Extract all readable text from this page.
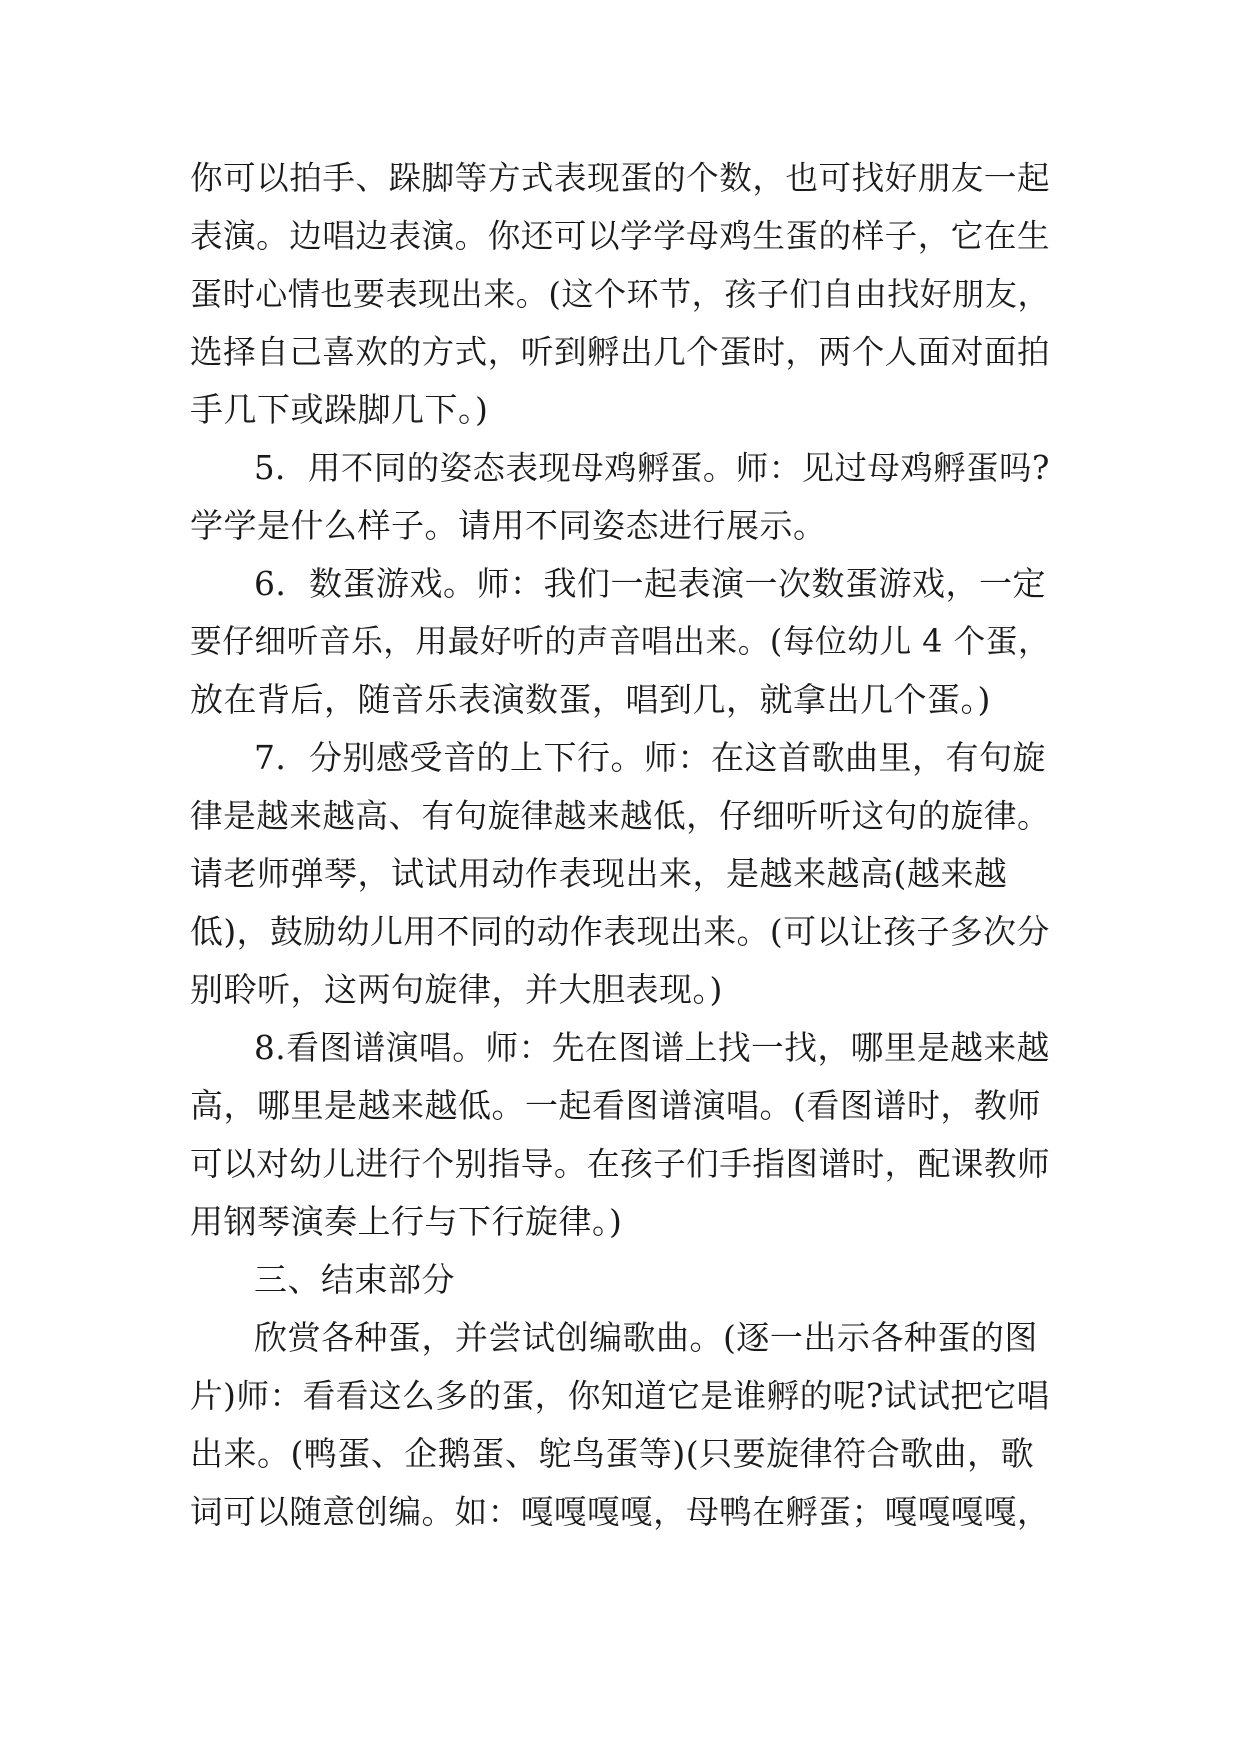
你可以拍手、跺脚等方式表现蛋的个数，也可找好朋友一起
表演。边唱边表演。你还可以学学母鸡生蛋的样子，它在生
蛋时心情也要表现出来。(这个环节，孩子们自由找好朋友，
选择自己喜欢的方式，听到孵出几个蛋时，两个人面对面拍
手几下或跺脚几下。)
5．用不同的姿态表现母鸡孵蛋。师：见过母鸡孵蛋吗?
学学是什么样子。请用不同姿态进行展示。
6．数蛋游戏。师：我们一起表演一次数蛋游戏，一定
要仔细听音乐，用最好听的声音唱出来。(每位幼儿 4 个蛋，
放在背后，随音乐表演数蛋，唱到几，就拿出几个蛋。)
7．分别感受音的上下行。师：在这首歌曲里，有句旋
律是越来越高、有句旋律越来越低，仔细听听这句的旋律。
请老师弹琴，试试用动作表现出来，是越来越高(越来越
低)，鼓励幼儿用不同的动作表现出来。(可以让孩子多次分
别聆听，这两句旋律，并大胆表现。)
8.看图谱演唱。师：先在图谱上找一找，哪里是越来越
高，哪里是越来越低。一起看图谱演唱。(看图谱时，教师
可以对幼儿进行个别指导。在孩子们手指图谱时，配课教师
用钢琴演奏上行与下行旋律。)
三、结束部分
欣赏各种蛋，并尝试创编歌曲。(逐一出示各种蛋的图
片)师：看看这么多的蛋，你知道它是谁孵的呢?试试把它唱
出来。(鸭蛋、企鹅蛋、鸵鸟蛋等)(只要旋律符合歌曲，歌
词可以随意创编。如：嘎嘎嘎嘎，母鸭在孵蛋；嘎嘎嘎嘎，
